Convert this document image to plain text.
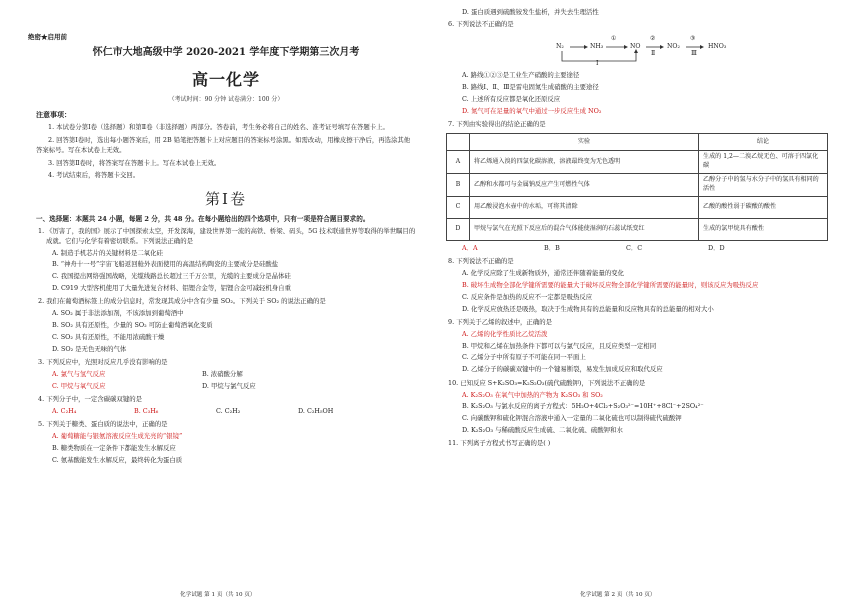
绝密★启用前
怀仁市大地高级中学 2020-2021 学年度下学期第三次月考
高一化学
（考试时间：90 分钟 试卷满分：100 分）
注意事项：
1. 本试卷分第Ⅰ卷（选择题）和第Ⅱ卷（非选择题）两部分。答卷前，考生务必将自己的姓名、准考证号填写在答题卡上。
2. 回答第Ⅰ卷时，选出每小题答案后，用 2B 铅笔把答题卡上对应题目的答案标号涂黑。如需改动，用橡皮擦干净后，再选涂其他答案标号。写在本试卷上无效。
3. 回答第Ⅱ卷时，将答案写在答题卡上。写在本试卷上无效。
4. 考试结束后，将答题卡交回。
第Ⅰ卷
一、选择题：本题共 24 小题，每题 2 分，共 48 分。在每小题给出的四个选项中，只有一项是符合题目要求的。
1. 《厉害了，我的国》展示了中国探索太空，开发深海，建设世界第一流的高铁、桥梁、码头，5G 技术联通世界等取得的举世瞩目的成就。它们与化学有着密切联系。下列说法正确的是
A. 制造手机芯片的关键材料是二氧化硅
B. “神舟十一号”宇宙飞船返回舱外表面使用的高温结构陶瓷的主要成分是硅酸盐
C. 我国提出网络强国战略，光缆线路总长超过三千万公里，光缆的主要成分是晶体硅
D. C919 大型客机使用了大量先进复合材料、铝锂合金等，铝锂合金可减轻机身自重
2. 我们在葡萄酒标签上的成分信息时，常发现其成分中含有少量 SO₂。下列关于 SO₂ 的说法正确的是
A. SO₂ 属于非法添加剂，不该添加到葡萄酒中
B. SO₂ 具有还原性，少量的 SO₂ 可防止葡萄酒氧化变质
C. SO₂ 具有还原性，不能用浓硫酸干燥
D. SO₂ 是无色无味的气体
3. 下列反应中，光照对反应几乎没有影响的是
A. 氯气与氢气反应	B. 浓硝酸分解
C. 甲烷与氧气反应	D. 甲烷与氯气反应
4. 下列分子中，一定含碳碳双键的是
A. C₂H₄	B. C₃H₆	C. C₂H₂	D. C₂H₅OH
5. 下列关于糖类、蛋白质的说法中，正确的是
A. 葡萄糖能与银氨溶液反应生成光亮的“银镜”
B. 糖类物质在一定条件下都能发生水解反应
C. 氨基酸能发生水解反应，最终转化为蛋白质
化学试题 第 1 页（共 10 页）
D. 蛋白质遇到硫酸铵发生盐析，并失去生理活性
6. 下列说法不正确的是
N₂	NH₃
①
NO
②
Ⅱ
NO₂
③
Ⅲ
HNO₃
Ⅰ
A. 路线①②③是工业生产硝酸的主要途径
B. 路线Ⅰ、Ⅱ、Ⅲ是雷电固氮生成硝酸的主要途径
C. 上述所有反应都是氧化还原反应
D. 氮气可在足量的氧气中通过一步反应生成 NO₂
7. 下列由实验得出的结论正确的是
	实验	结论
A	将乙烯通入溴的四氯化碳溶液，溶液最终变为无色透明	生成的 1,2—二溴乙烷无色、可溶于四氯化碳
B	乙醇和水都可与金属钠反应产生可燃性气体	乙醇分子中的氢与水分子中的氢具有相同的活性
C	用乙酸浸泡水壶中的水垢，可将其清除	乙酸的酸性弱于碳酸的酸性
D	甲烷与氯气在光照下反应后的混合气体能使湿润的石蕊试纸变红	生成的氯甲烷具有酸性
A．A	B．B	C．C	D．D
8. 下列说法不正确的是
A. 化学反应除了生成新物质外，通常还伴随着能量的变化
B. 破坏生成物全部化学键所需要的能量大于破坏反应物全部化学键所需要的能量时，则该反应为吸热反应
C. 反应条件是加热的反应不一定都是吸热反应
D. 化学反应放热还是吸热，取决于生成物具有的总能量和反应物具有的总能量的相对大小
9. 下列关于乙烯的叙述中，正确的是
A. 乙烯的化学性质比乙烷活泼
B. 甲烷和乙烯在加热条件下都可以与氯气反应，且反应类型一定相同
C. 乙烯分子中所有原子不可能在同一平面上
D. 乙烯分子的碳碳双键中的一个键易断裂，易发生加成反应和取代反应
10. 已知反应 S+K₂SO₃=K₂S₂O₃(硫代硫酸钾)，下列说法不正确的是
A. K₂S₂O₃ 在氧气中加热的产物为 K₂SO₃ 和 SO₂
B. K₂S₂O₃ 与氯水反应的离子方程式：5H₂O+4Cl₂+S₂O₃²⁻=10H⁺+8Cl⁻+2SO₄²⁻
C. 向碳酸钾和硫化钾混合溶液中通入一定量的二氧化硫也可以制得硫代硫酸钾
D. K₂S₂O₃ 与稀硫酸反应生成硫、二氧化硫、硫酸钾和水
11. 下列离子方程式书写正确的是( )
化学试题 第 2 页（共 10 页）
